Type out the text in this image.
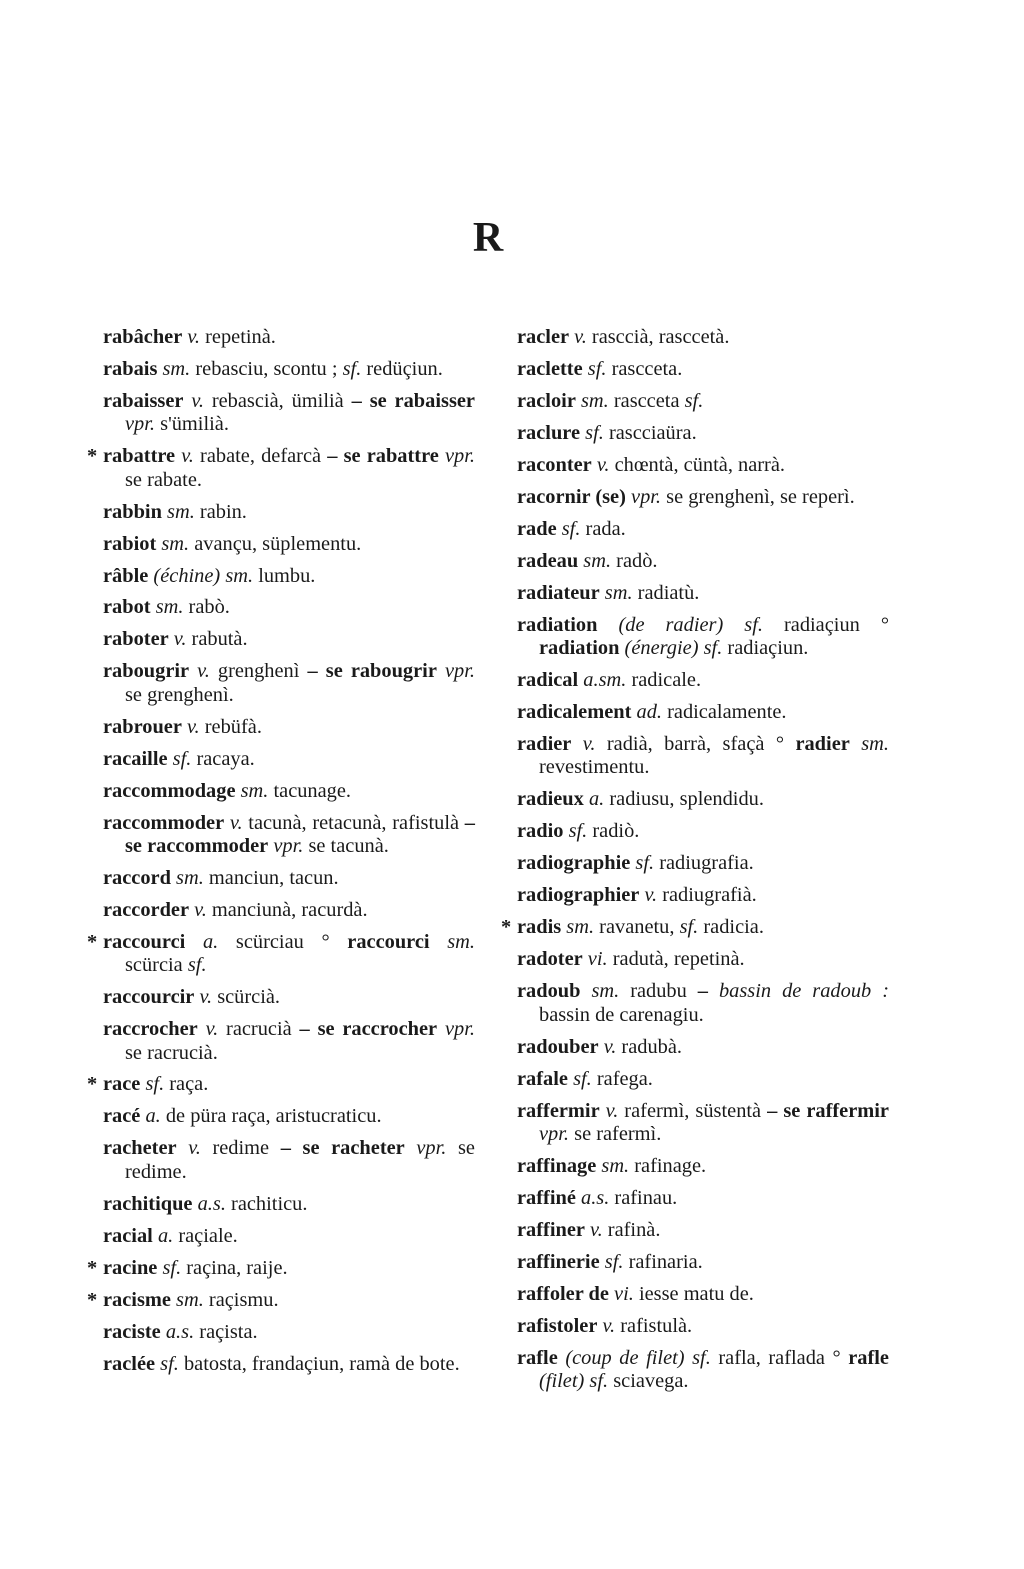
R
rabâcher v. repetinà.
rabais sm. rebasciu, scontu ; sf. redüçiun.
rabaisser v. rebascià, ümilià – se rabaisser vpr. s'ümilià.
* rabattre v. rabate, defarcà – se rabattre vpr. se rabate.
rabbin sm. rabin.
rabiot sm. avançu, süplementu.
râble (échine) sm. lumbu.
rabot sm. rabò.
raboter v. rabutà.
rabougrir v. grenghenì – se rabougrir vpr. se grenghenì.
rabrouer v. rebüfà.
racaille sf. racaya.
raccommodage sm. tacunage.
raccommoder v. tacunà, retacunà, rafistulà – se raccommoder vpr. se tacunà.
raccord sm. manciun, tacun.
raccorder v. manciunà, racurdà.
* raccourci a. scürciau ° raccourci sm. scürcia sf.
raccourcir v. scürcià.
raccrocher v. racrucià – se raccrocher vpr. se racrucià.
* race sf. raça.
racé a. de püra raça, aristucraticu.
racheter v. redime – se racheter vpr. se redime.
rachitique a.s. rachiticu.
racial a. raçiale.
* racine sf. raçina, raije.
* racisme sm. raçismu.
raciste a.s. raçista.
raclée sf. batosta, frandaçiun, ramà de bote.
racler v. rasccià, rasccetà.
raclette sf. rascceta.
racloir sm. rascceta sf.
raclure sf. rascciaüra.
raconter v. chœntà, cüntà, narrà.
racornir (se) vpr. se grenghenì, se reperì.
rade sf. rada.
radeau sm. radò.
radiateur sm. radiatù.
radiation (de radier) sf. radiaçiun ° radiation (énergie) sf. radiaçiun.
radical a.sm. radicale.
radicalement ad. radicalamente.
radier v. radià, barrà, sfaçà ° radier sm. revestimentu.
radieux a. radiusu, splendidu.
radio sf. radiò.
radiographie sf. radiugrafia.
radiographier v. radiugrafià.
* radis sm. ravanetu, sf. radicia.
radoter vi. radutà, repetinà.
radoub sm. radubu – bassin de radoub : bassin de carenagiu.
radouber v. radubà.
rafale sf. rafega.
raffermir v. rafermì, süstentà – se raffermir vpr. se rafermì.
raffinage sm. rafinage.
raffiné a.s. rafinau.
raffiner v. rafinà.
raffinerie sf. rafinaria.
raffoler de vi. iesse matu de.
rafistoler v. rafistulà.
rafle (coup de filet) sf. rafla, raflada ° rafle (filet) sf. sciavega.
